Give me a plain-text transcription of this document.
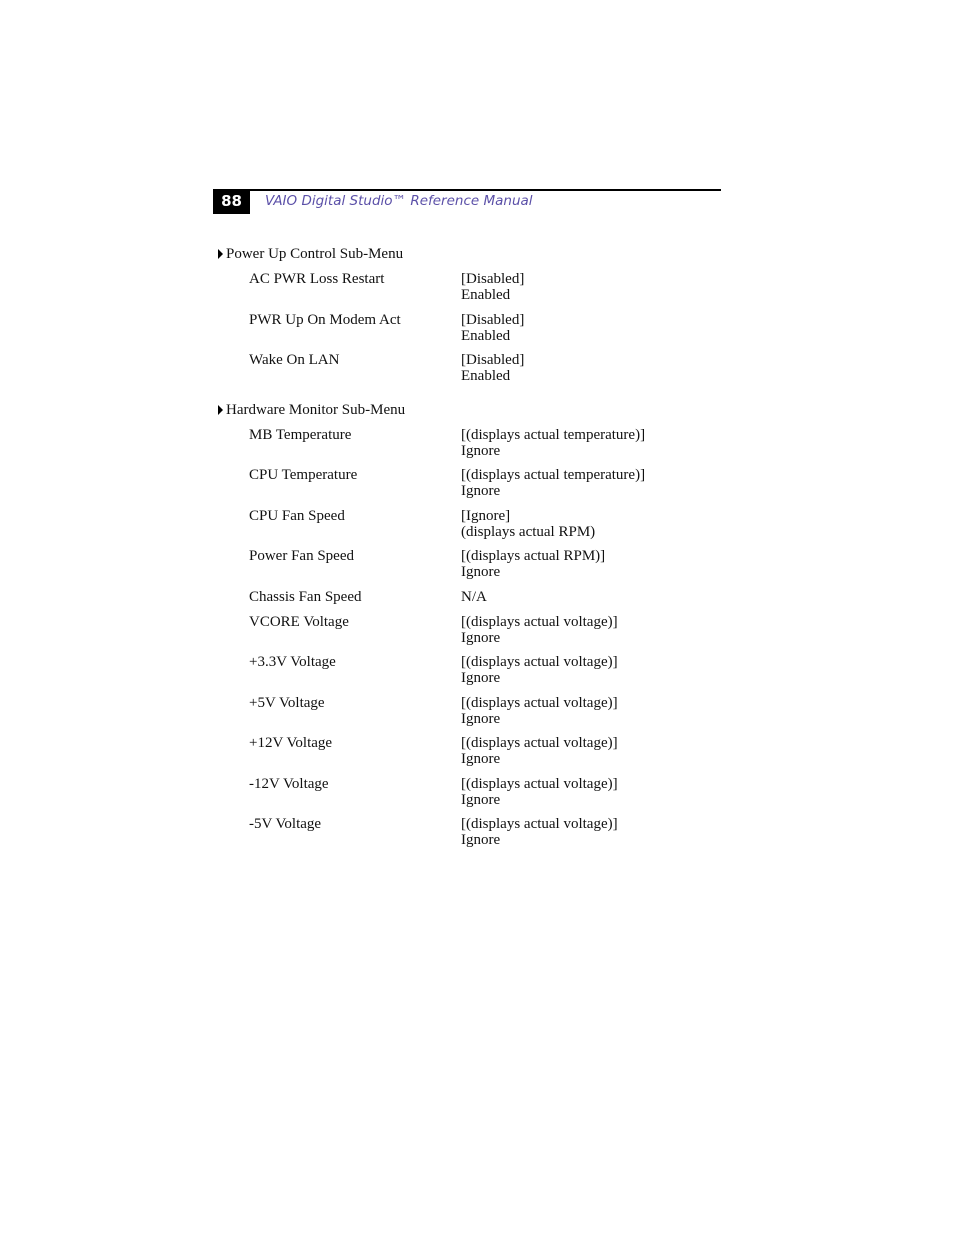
88	VAIO Digital Studio™ Reference Manual
Power Up Control Sub-Menu
AC PWR Loss Restart	[Disabled]
Enabled
PWR Up On Modem Act	[Disabled]
Enabled
Wake On LAN	[Disabled]
Enabled
Hardware Monitor Sub-Menu
MB Temperature	[(displays actual temperature)]
Ignore
CPU Temperature	[(displays actual temperature)]
Ignore
CPU Fan Speed	[Ignore]
(displays actual RPM)
Power Fan Speed	[(displays actual RPM)]
Ignore
Chassis Fan Speed	N/A
VCORE Voltage	[(displays actual voltage)]
Ignore
+3.3V Voltage	[(displays actual voltage)]
Ignore
+5V Voltage	[(displays actual voltage)]
Ignore
+12V Voltage	[(displays actual voltage)]
Ignore
-12V Voltage	[(displays actual voltage)]
Ignore
-5V Voltage	[(displays actual voltage)]
Ignore
